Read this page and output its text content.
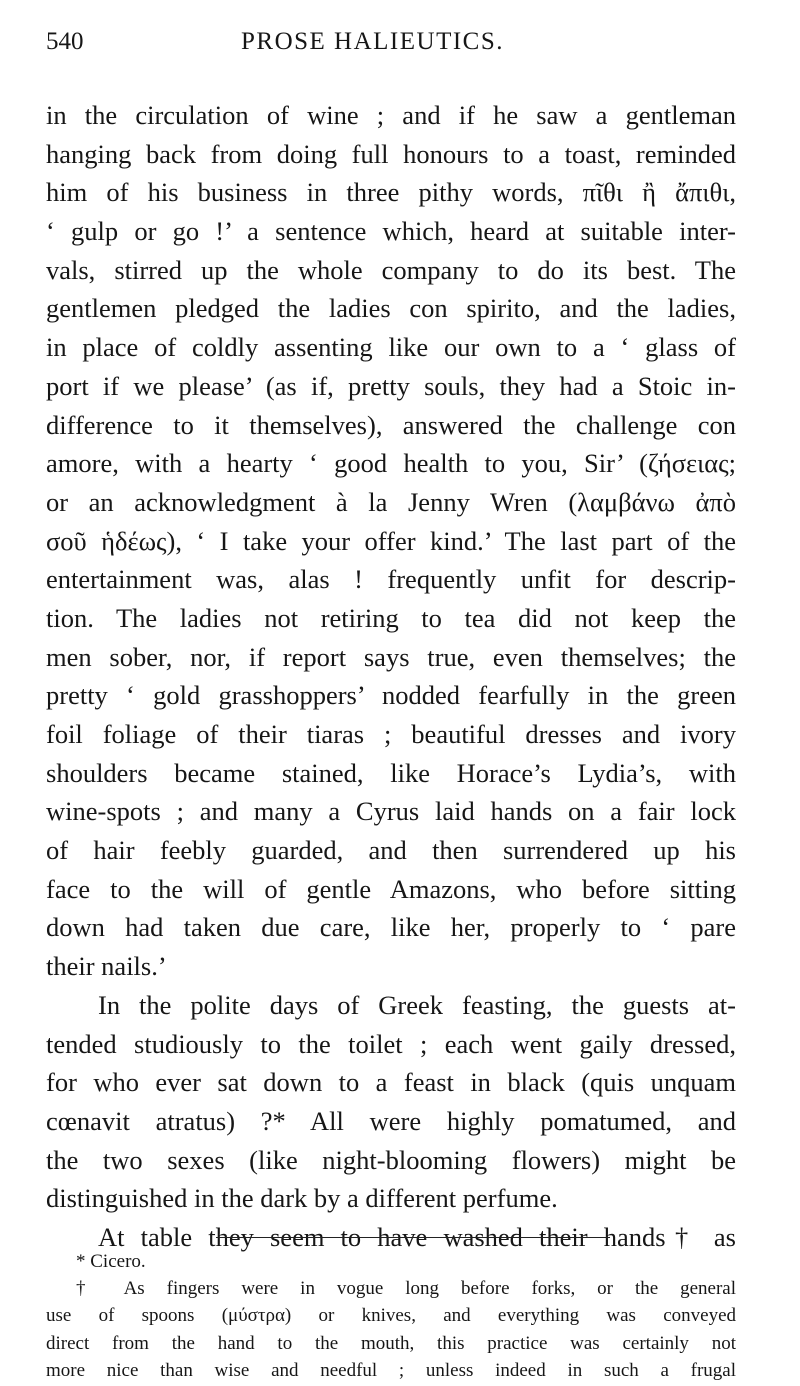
540	PROSE HALIEUTICS.
in the circulation of wine ; and if he saw a gentleman
hanging back from doing full honours to a toast, reminded
him of his business in three pithy words, πῖθι ἢ ἄπιθι,
‘ gulp or go !’ a sentence which, heard at suitable inter-
vals, stirred up the whole company to do its best. The
gentlemen pledged the ladies con spirito, and the ladies,
in place of coldly assenting like our own to a ‘ glass of
port if we please’ (as if, pretty souls, they had a Stoic in-
difference to it themselves), answered the challenge con
amore, with a hearty ‘ good health to you, Sir’ (ζήσειας;
or an acknowledgment à la Jenny Wren (λαμβάνω ἀπὸ
σοῦ ἡδέως), ‘ I take your offer kind.’ The last part of the
entertainment was, alas ! frequently unfit for descrip-
tion. The ladies not retiring to tea did not keep the
men sober, nor, if report says true, even themselves; the
pretty ‘ gold grasshoppers’ nodded fearfully in the green
foil foliage of their tiaras ; beautiful dresses and ivory
shoulders became stained, like Horace’s Lydia’s, with
wine-spots ; and many a Cyrus laid hands on a fair lock
of hair feebly guarded, and then surrendered up his
face to the will of gentle Amazons, who before sitting
down had taken due care, like her, properly to ‘ pare
their nails.’
In the polite days of Greek feasting, the guests at-
tended studiously to the toilet ; each went gaily dressed,
for who ever sat down to a feast in black (quis unquam
cœnavit atratus) ?* All were highly pomatumed, and
the two sexes (like night-blooming flowers) might be
distinguished in the dark by a different perfume.
At table they seem to have washed their hands† as
* Cicero.
† As fingers were in vogue long before forks, or the general
use of spoons (μύστρα) or knives, and everything was conveyed
direct from the hand to the mouth, this practice was certainly not
more nice than wise and needful ; unless indeed in such a frugal
